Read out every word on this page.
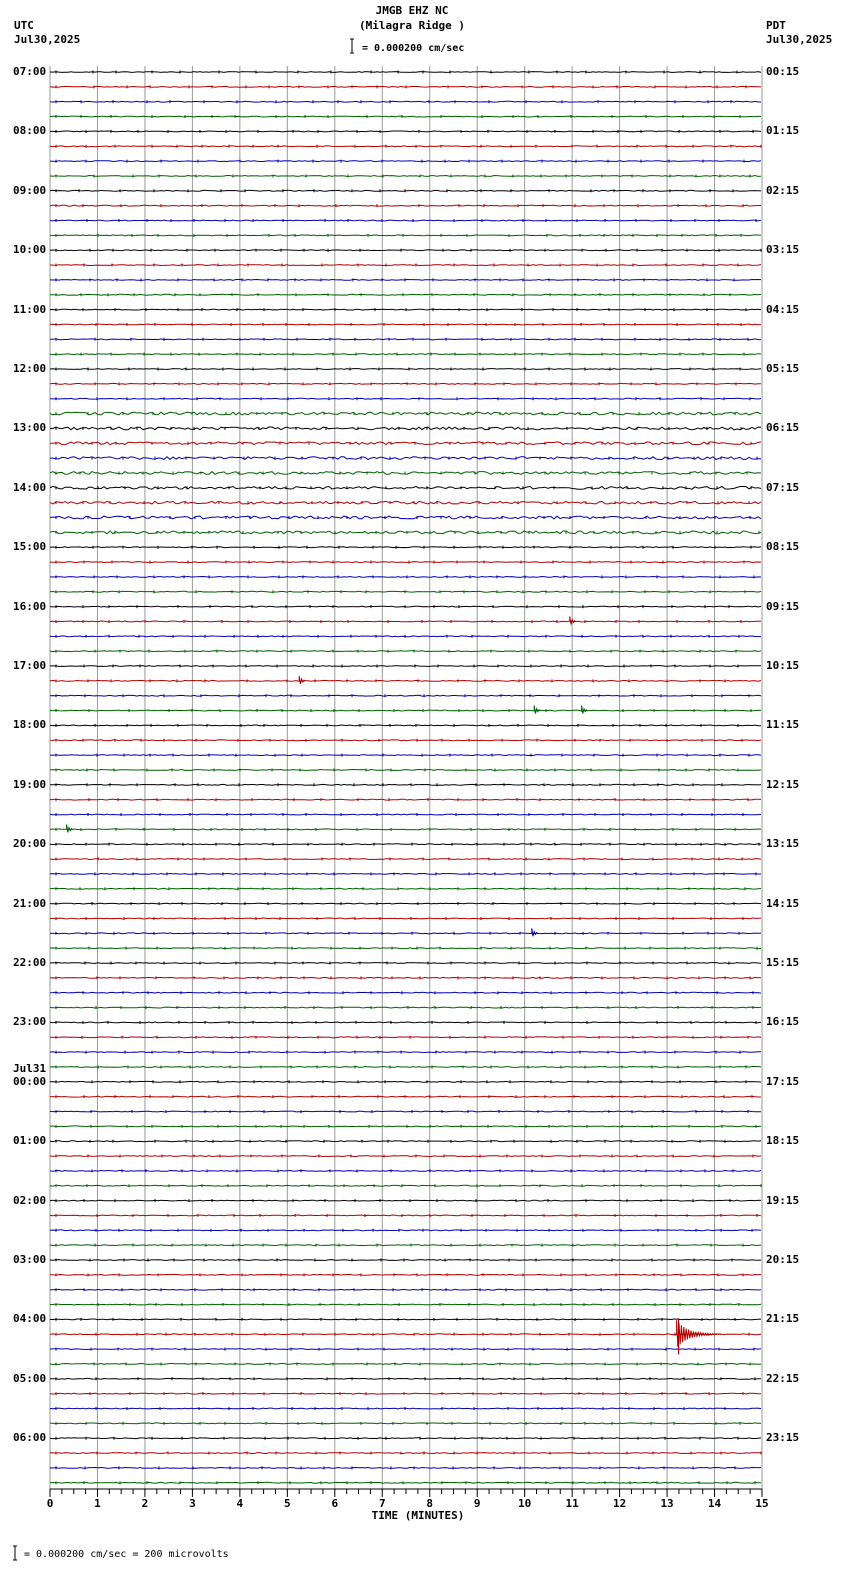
JMGB EHZ NC
(Milagra Ridge )
= 0.000200 cm/sec
UTC
Jul30,2025
PDT
Jul30,2025
07:00
08:00
09:00
10:00
11:00
12:00
13:00
14:00
15:00
16:00
17:00
18:00
19:00
20:00
21:00
22:00
23:00
00:00
Jul31
01:00
02:00
03:00
04:00
05:00
06:00
00:15
01:15
02:15
03:15
04:15
05:15
06:15
07:15
08:15
09:15
10:15
11:15
12:15
13:15
14:15
15:15
16:15
17:15
18:15
19:15
20:15
21:15
22:15
23:15
0	1	2	3	4	5	6	7	8	9	10	11	12	13	14	15
TIME (MINUTES)
= 0.000200 cm/sec = 200 microvolts
